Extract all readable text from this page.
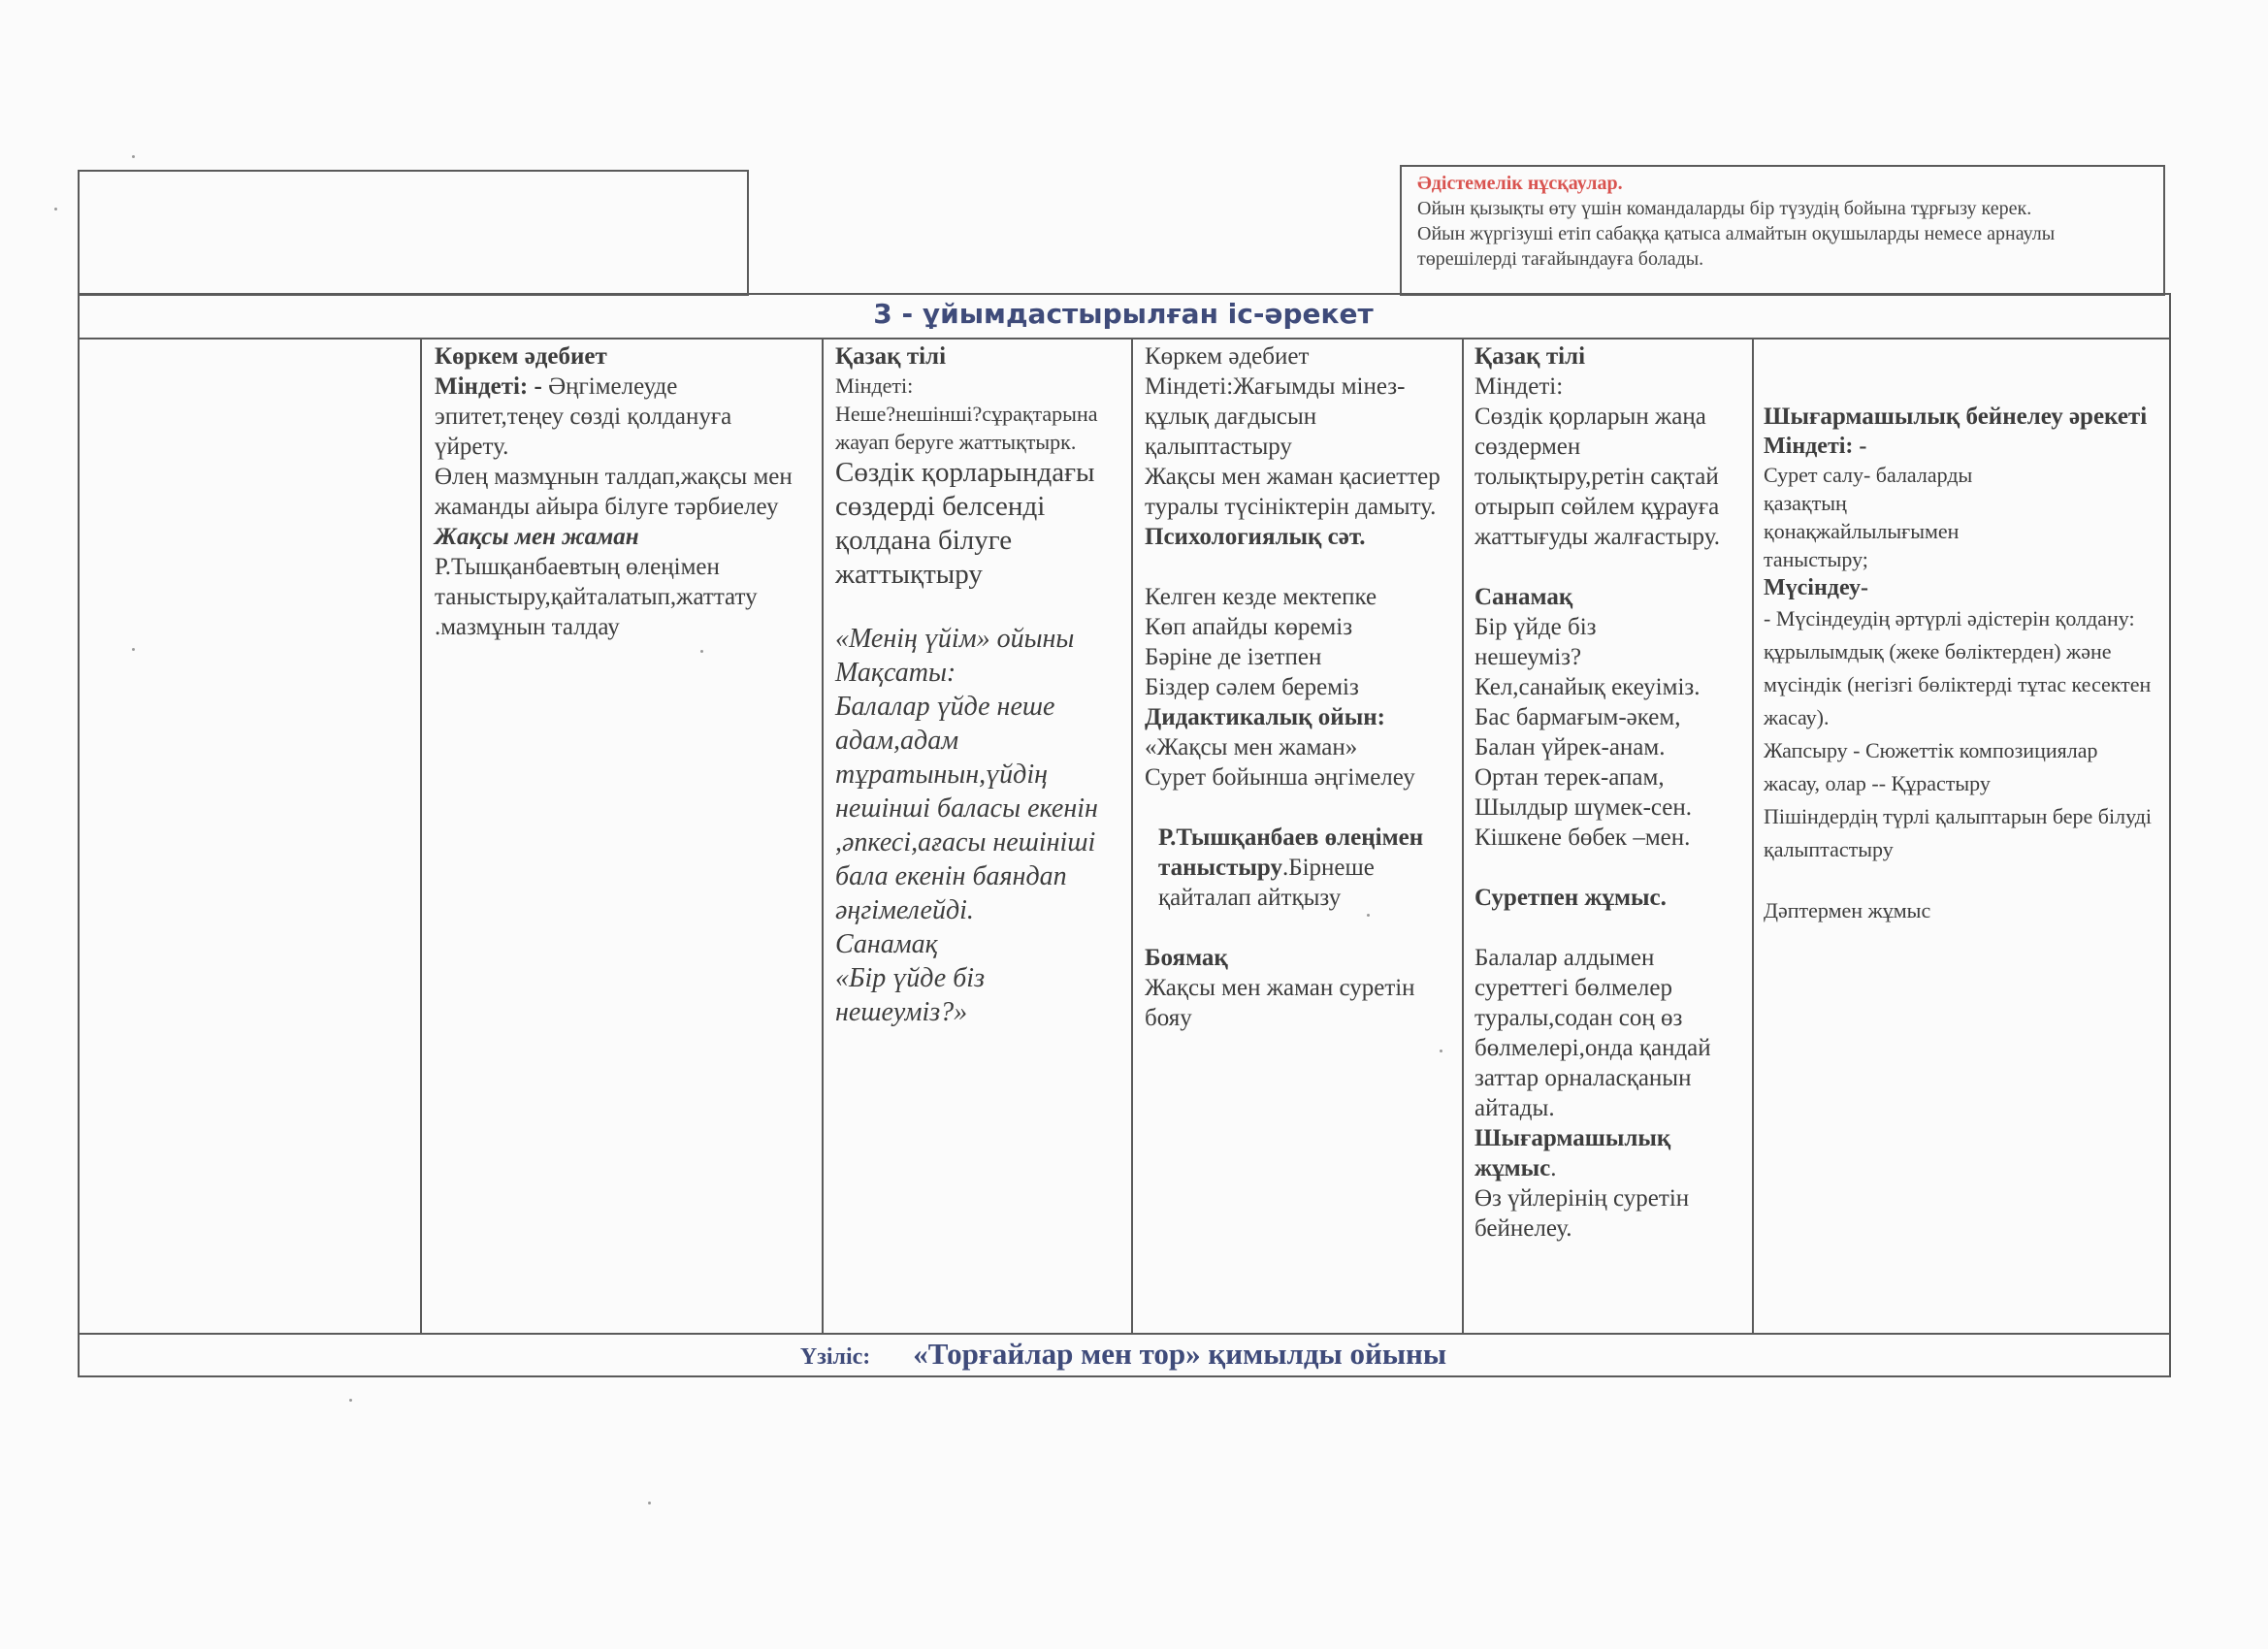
Әдістемелік нұсқаулар.
Ойын қызықты өту үшін командаларды бір түзудің бойына тұрғызу керек.
Ойын жүргізуші етіп сабаққа қатыса алмайтын оқушыларды немесе арнаулы
төрешілерді тағайындауға болады.
3 - ұйымдастырылған іс-әрекет

Көркем әдебиет

Міндеті: - Әңгімелеуде эпитет,теңеу сөзді қолдануға үйрету.

Өлең мазмұнын талдап,жақсы мен жаманды айыра білуге тәрбиелеу

Жақсы мен жаман

Р.Тышқанбаевтың өлеңімен таныстыру,қайталатып,жаттату .мазмұнын талдау

Қазақ тілі

Міндеті:

Неше?нешінші?сұрақтарына жауап беруге жаттықтырк.

Сөздік қорларындағы сөздерді белсенді қолдана білуге жаттықтыру

«Менің үйім» ойыны

Мақсаты:

Балалар үйде неше адам,адам тұратынын,үйдің нешінші баласы екенін ,әпкесі,ағасы нешініші бала екенін баяндап әңгімелейді.

Санамақ

«Бір үйде біз нешеуміз?»

Көркем әдебиет

Міндеті:Жағымды мінез-құлық дағдысын қалыптастыру

Жақсы мен жаман қасиеттер туралы түсініктерін дамыту.

Психологиялық сәт.

Келген кезде мектепке

Көп апайды көреміз

Бәріне де ізетпен

Біздер сәлем береміз

Дидактикалық ойын:

«Жақсы мен жаман»

Сурет бойынша әңгімелеу

Р.Тышқанбаев өлеңімен таныстыру.Бірнеше қайталап айтқызу

Боямақ

Жақсы мен жаман суретін бояу

Қазақ тілі

Міндеті:

Сөздік қорларын жаңа сөздермен толықтыру,ретін сақтай отырып сөйлем құрауға жаттығуды жалғастыру.

Санамақ

Бір үйде біз

нешеуміз?

Кел,санайық екеуіміз.

Бас бармағым-әкем,

Балан үйрек-анам.

Ортан терек-апам,

Шылдыр шүмек-сен.

Кішкене бөбек –мен.

Суретпен жұмыс.

Балалар алдымен суреттегі бөлмелер туралы,содан соң өз бөлмелері,онда қандай заттар орналасқанын айтады.

Шығармашылық жұмыс.

Өз үйлерінің суретін бейнелеу.

Шығармашылық бейнелеу әрекеті

Міндеті: -

Сурет салу- балаларды қазақтың қонақжайлылығымен таныстыру;

Мүсіндеу-

- Мүсіндеудің әртүрлі әдістерін қолдану: құрылымдық (жеке бөліктерден) және мүсіндік (негізгі бөліктерді тұтас кесектен жасау).

Жапсыру - Сюжеттік композициялар жасау, олар -- Құрастыру

Пішіндердің түрлі қалыптарын бере білуді қалыптастыру

Дәптермен жұмыс

Үзіліс: «Торғайлар мен тор» қимылды ойыны
